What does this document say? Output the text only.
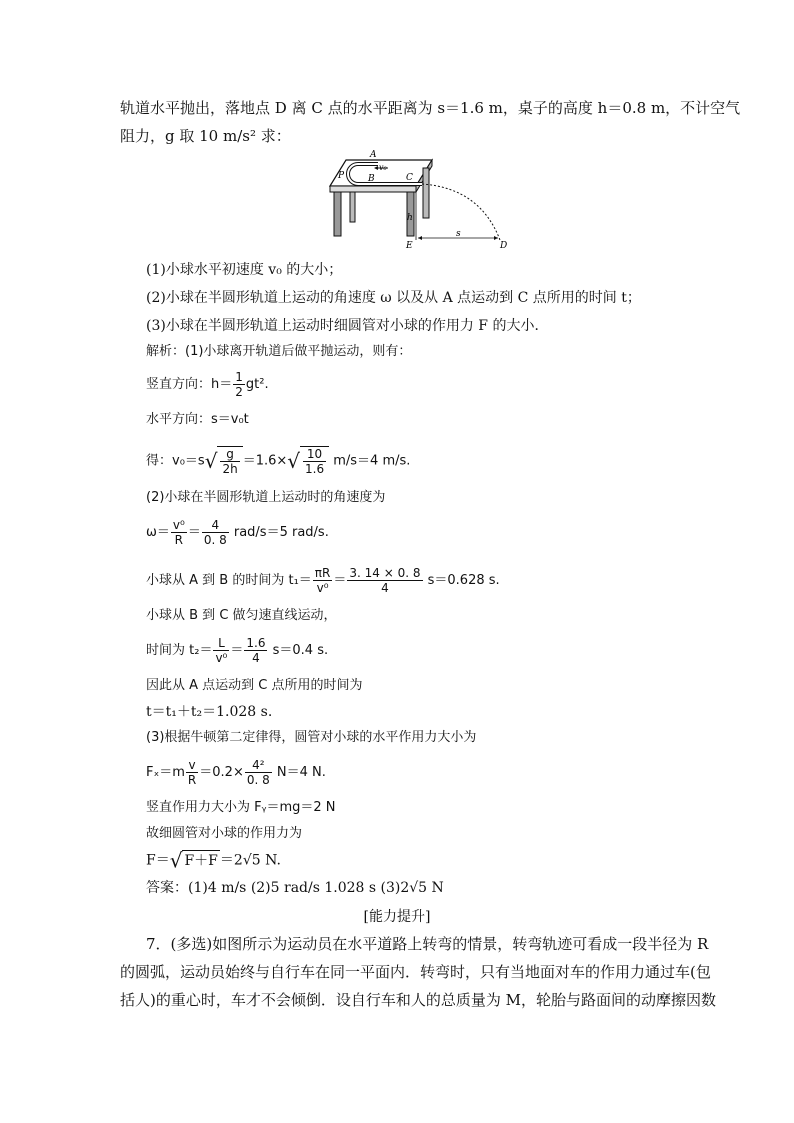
轨道水平抛出，落地点 D 离 C 点的水平距离为 s＝1.6 m，桌子的高度 h＝0.8 m，不计空气
阻力，g 取 10 m/s² 求：
A
v₀
P	B	C
h
E
s
D
(1)小球水平初速度 v₀ 的大小；
(2)小球在半圆形轨道上运动的角速度 ω 以及从 A 点运动到 C 点所用的时间 t；
(3)小球在半圆形轨道上运动时细圆管对小球的作用力 F 的大小．
解析：(1)小球离开轨道后做平抛运动，则有：
竖直方向：$h= \frac{1}{2} gt^2$.
水平方向：s＝v₀t
得：$v_0=s√ \frac{g}{2h} =1.6\times√ \frac{10}{1.6} m/s=4$ m/s.
(2)小球在半圆形轨道上运动时的角速度为
$\omega= \frac{\text{v⁰}}{R} = \frac{4}{0. 8} rad/s=5$ rad/s.
小球从 A 到 B 的时间为 $t_1= \frac{\pi R}{\text{v⁰}} = \frac{3. 14 \times 0. 8}{4} s=0.628$ s.
小球从 B 到 C 做匀速直线运动，
时间为 $t_2= \frac{L}{\text{v⁰}} = \frac{1.6}{4} s=0.4$ s.
因此从 A 点运动到 C 点所用的时间为
t＝t₁＋t₂＝1.028 s.
(3)根据牛顿第二定律得，圆管对小球的水平作用力大小为
$F_x=m \frac{v}{R} =0.2\times \frac{\text{4²}}{0. 8} N=4$ N.
竖直作用力大小为 Fᵧ＝mg＝2 N
故细圆管对小球的作用力为
F＝√ F＋F ＝2√5 N.
答案：(1)4 m/s (2)5 rad/s 1.028 s (3)2√5 N
[能力提升]
7．(多选)如图所示为运动员在水平道路上转弯的情景，转弯轨迹可看成一段半径为 R
的圆弧，运动员始终与自行车在同一平面内．转弯时，只有当地面对车的作用力通过车(包
括人)的重心时，车才不会倾倒．设自行车和人的总质量为 M，轮胎与路面间的动摩擦因数
